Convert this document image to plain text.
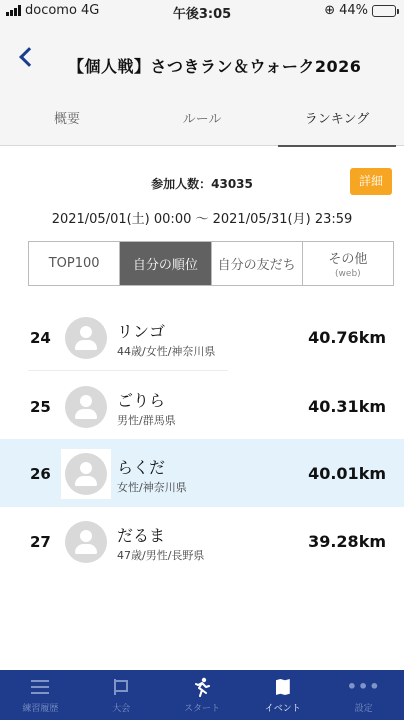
docomo 4G	午後3:05	⊕ 44%
【個人戦】さつきラン＆ウォーク2026
概要	ルール	ランキング
参加人数：43035	詳細
2021/05/01(土) 00:00 〜 2021/05/31(月) 23:59
TOP100	自分の順位 自分の友だち	その他
(web)
24	リンゴ
44歳/女性/神奈川県
40.76km
25	ごりら
男性/群馬県
40.31km
26	らくだ
女性/神奈川県
40.01km
27	だるま
47歳/男性/長野県
39.28km
練習履歴	大会	スタート	イベント
•••
設定
